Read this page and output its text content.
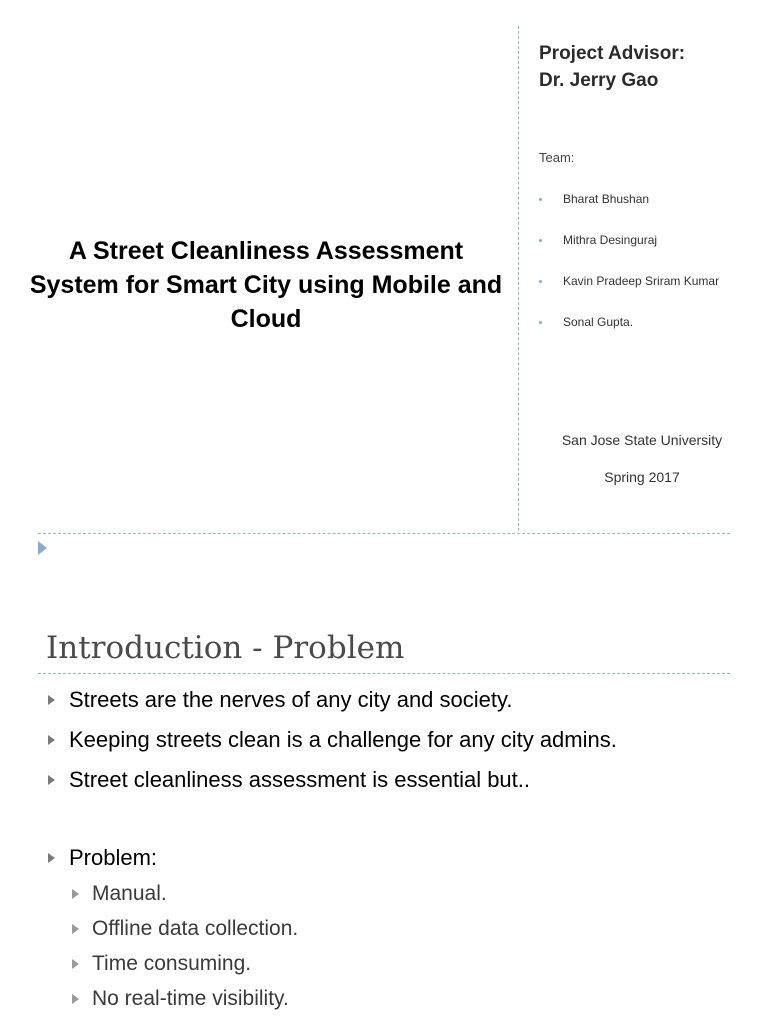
A Street Cleanliness Assessment System for Smart City using Mobile and Cloud
Project Advisor:
Dr. Jerry Gao
Team:
Bharat Bhushan
Mithra Desinguraj
Kavin Pradeep Sriram Kumar
Sonal Gupta.
San Jose State University
Spring 2017
Introduction - Problem
Streets are the nerves of any city and society.
Keeping streets clean is a challenge for any city admins.
Street cleanliness assessment is essential but..
Problem:
Manual.
Offline data collection.
Time consuming.
No real-time visibility.
